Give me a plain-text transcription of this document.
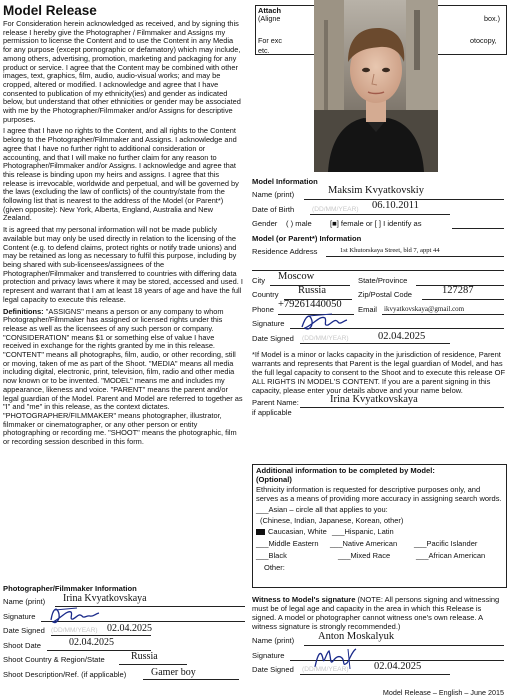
Model Release

For Consideration herein acknowledged as received, and by signing this release I hereby give the Photographer / Filmmaker and Assigns my permission to license the Content and to use the Content in any Media for any purpose (except pornographic or defamatory) which may include, among others, advertising, promotion, marketing and packaging for any product or service. I agree that the Content may be combined with other images, text, graphics, film, audio, audio-visual works; and may be cropped, altered or modified. I acknowledge and agree that I have consented to publication of my ethnicity(ies) and gender as indicated below, but understand that other ethnicities or gender may be associated with me by the Photographer/Filmmaker and/or Assigns for descriptive purposes.

I agree that I have no rights to the Content, and all rights to the Content belong to the Photographer/Filmmaker and Assigns. I acknowledge and agree that I have no further right to additional consideration or accounting, and that I will make no further claim for any reason to Photographer/Filmmaker and/or Assigns. I acknowledge and agree that this release is binding upon my heirs and assigns. I agree that this release is irrevocable, worldwide and perpetual, and will be governed by the laws (excluding the law of conflicts) of the country/state from the following list that is nearest to the address of the Model (or Parent*) (given opposite): New York, Alberta, England, Australia and New Zealand.

It is agreed that my personal information will not be made publicly available but may only be used directly in relation to the licensing of the Content (e.g. to defend claims, protect rights or notify trade unions) and may be retained as long as necessary to fulfil this purpose, including by being shared with sub-licensees/assignees of the Photographer/Filmmaker and transferred to countries with differing data protection and privacy laws where it may be stored, accessed and used. I represent and warrant that I am at least 18 years of age and have the full legal capacity to execute this release.

Definitions: "ASSIGNS" means a person or any company to whom Photographer/Filmmaker has assigned or licensed rights under this release as well as the licensees of any such person or company. "CONSIDERATION" means $1 or something else of value I have received in exchange for the rights granted by me in this release. "CONTENT" means all photographs, film, audio, or other recording, still or moving, taken of me as part of the Shoot. "MEDIA" means all media including digital, electronic, print, television, film, radio and other media now known or to be invented. "MODEL" means me and includes my appearance, likeness and voice. "PARENT" means the parent and/or legal guardian of the Model. Parent and Model are referred to together as "I" and "me" in this release, as the context dictates. "PHOTOGRAPHER/FILMMAKER" means photographer, illustrator, filmmaker or cinematographer, or any other person or entity photographing or recording me. "SHOOT" means the photographic, film or recording session described in this form.

Photographer/Filmmaker Information
Name (print) Irina Kvyatkovskaya
Signature
Date Signed (DD/MM/YEAR) 02.04.2025
Shoot Date	02.04.2025
Shoot Country & Region/State	Russia
Shoot Description/Ref. (if applicable) Gamer boy
Attach
(Aligne	box.)
For exc	otocopy,
etc.
Model Information
Name (print)	Maksim Kvyatkovskiy
Date of Birth	(DD/MM/YEAR) 06.10.2011
Gender ( ) male [■] female or [ ] I identify as
Model (or Parent*) Information
Residence Address	1st Khutorskaya Street, bld 7, appt 44
City Moscow	State/Province
Country Russia	Zip/Postal Code	127287
Phone +79261440050 Email ikvyatkovskaya@gmail.com
Signature
Date Signed (DD/MM/YEAR)	02.04.2025

*If Model is a minor or lacks capacity in the jurisdiction of residence, Parent warrants and represents that Parent is the legal guardian of Model, and has the full legal capacity to consent to the Shoot and to execute this release OF ALL RIGHTS IN MODEL'S CONTENT. If you are a parent signing in this capacity, please enter your details above and your name below.

Parent Name:	Irina Kvyatkovskaya
if applicable
Additional information to be completed by Model:
(Optional)

Ethnicity information is requested for descriptive purposes only, and serves as a means of providing more accuracy in assigning search words.

___Asian – circle all that applies to you:
(Chinese, Indian, Japanese, Korean, other)
Caucasian, White ___Hispanic, Latin
___Middle Eastern ___Native American ___Pacific Islander
___Black	___Mixed Race	___African American
Other:

Witness to Model's signature (NOTE: All persons signing and witnessing must be of legal age and capacity in the area in which this Release is signed. A model or photographer cannot witness one's own release. A witness signature is strongly recommended.)

Name (print) Anton Moskalyuk
Signature
Date Signed (DD/MM/YEAR) 02.04.2025
Model Release – English – June 2015
